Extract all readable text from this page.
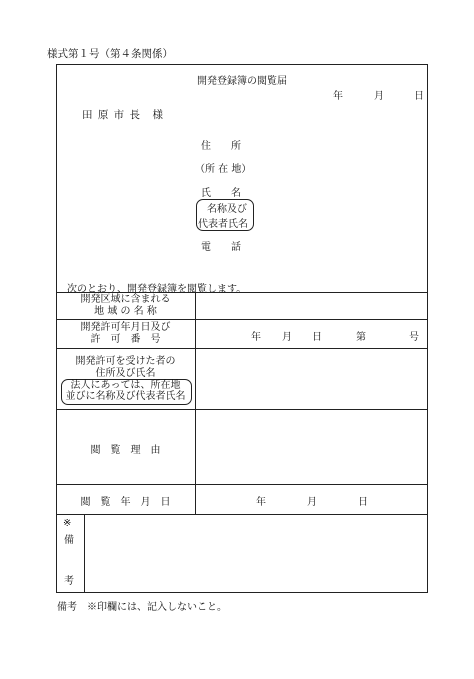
様式第１号（第４条関係）
開発登録簿の閲覧届
年	月	日
田 原 市 長　様
住　　所
（所 在 地）
氏　　名
名称及び
代表者氏名
電　　話
次のとおり、開発登録簿を閲覧します。
開発区域に含まれる
地 域 の 名 称
開発許可年月日及び
許　可　番　号	年 月 日	第	号
開発許可を受けた者の
住所及び氏名
法人にあっては、所在地
並びに名称及び代表者氏名
閲　覧　理　由
閲　覧　年　月　日	年	月	日
※
備
考
備考　※印欄には、記入しないこと。
